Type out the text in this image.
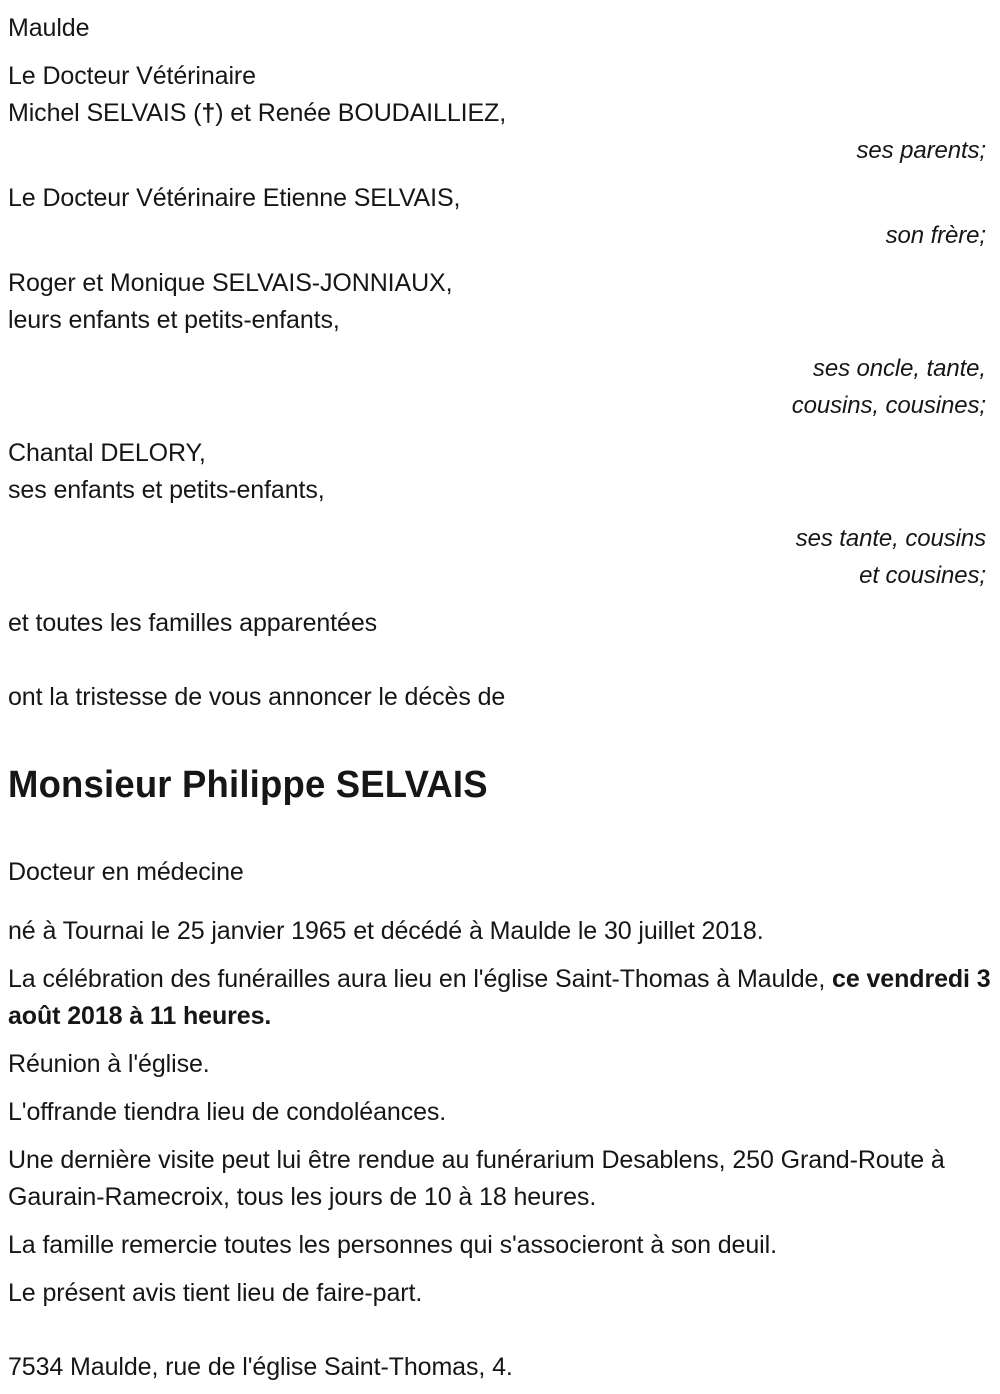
Maulde

Le Docteur Vétérinaire

Michel SELVAIS (†) et Renée BOUDAILLIEZ,

ses parents;

Le Docteur Vétérinaire Etienne SELVAIS,

son frère;

Roger et Monique SELVAIS-JONNIAUX,

leurs enfants et petits-enfants,

ses oncle, tante,
cousins, cousines;

Chantal DELORY,

ses enfants et petits-enfants,

ses tante, cousins
et cousines;

et toutes les familles apparentées

ont la tristesse de vous annoncer le décès de

Monsieur Philippe SELVAIS

Docteur en médecine

né à Tournai le 25 janvier 1965 et décédé à Maulde le 30 juillet 2018.

La célébration des funérailles aura lieu en l'église Saint-Thomas à Maulde, ce vendredi 3 août 2018 à 11 heures.

Réunion à l'église.

L'offrande tiendra lieu de condoléances.

Une dernière visite peut lui être rendue au funérarium Desablens, 250 Grand-Route à Gaurain-Ramecroix, tous les jours de 10 à 18 heures.

La famille remercie toutes les personnes qui s'associeront à son deuil.

Le présent avis tient lieu de faire-part.

7534 Maulde, rue de l'église Saint-Thomas, 4.
